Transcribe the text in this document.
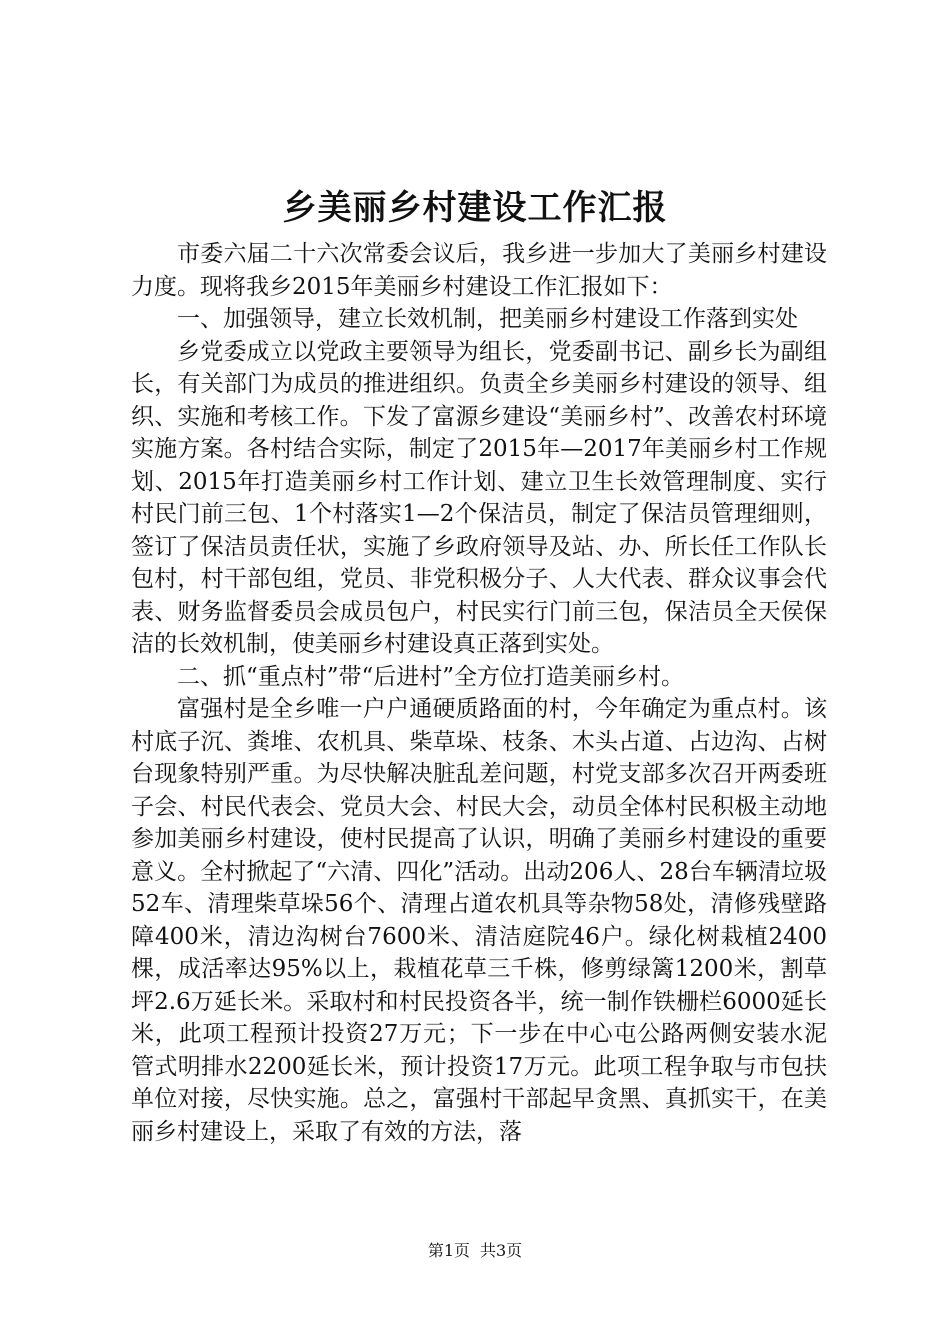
乡美丽乡村建设工作汇报

市委六届二十六次常委会议后，我乡进一步加大了美丽乡村建设力度。现将我乡2015年美丽乡村建设工作汇报如下：

一、加强领导，建立长效机制，把美丽乡村建设工作落到实处

乡党委成立以党政主要领导为组长，党委副书记、副乡长为副组长，有关部门为成员的推进组织。负责全乡美丽乡村建设的领导、组织、实施和考核工作。下发了富源乡建设“美丽乡村”、改善农村环境实施方案。各村结合实际，制定了2015年—2017年美丽乡村工作规划、2015年打造美丽乡村工作计划、建立卫生长效管理制度、实行村民门前三包、1个村落实1—2个保洁员，制定了保洁员管理细则，签订了保洁员责任状，实施了乡政府领导及站、办、所长任工作队长包村，村干部包组，党员、非党积极分子、人大代表、群众议事会代表、财务监督委员会成员包户，村民实行门前三包，保洁员全天侯保洁的长效机制，使美丽乡村建设真正落到实处。

二、抓“重点村”带“后进村”全方位打造美丽乡村。

富强村是全乡唯一户户通硬质路面的村，今年确定为重点村。该村底子沉、粪堆、农机具、柴草垛、枝条、木头占道、占边沟、占树台现象特别严重。为尽快解决脏乱差问题，村党支部多次召开两委班子会、村民代表会、党员大会、村民大会，动员全体村民积极主动地参加美丽乡村建设，使村民提高了认识，明确了美丽乡村建设的重要意义。全村掀起了“六清、四化”活动。出动206人、28台车辆清垃圾52车、清理柴草垛56个、清理占道农机具等杂物58处，清修残壁路障400米，清边沟树台7600米、清洁庭院46户。绿化树栽植2400棵，成活率达95%以上，栽植花草三千株，修剪绿篱1200米，割草坪2.6万延长米。采取村和村民投资各半，统一制作铁栅栏6000延长米，此项工程预计投资27万元；下一步在中心屯公路两侧安装水泥管式明排水2200延长米，预计投资17万元。此项工程争取与市包扶单位对接，尽快实施。总之，富强村干部起早贪黑、真抓实干，在美丽乡村建设上，采取了有效的方法，落

第1页 共3页
